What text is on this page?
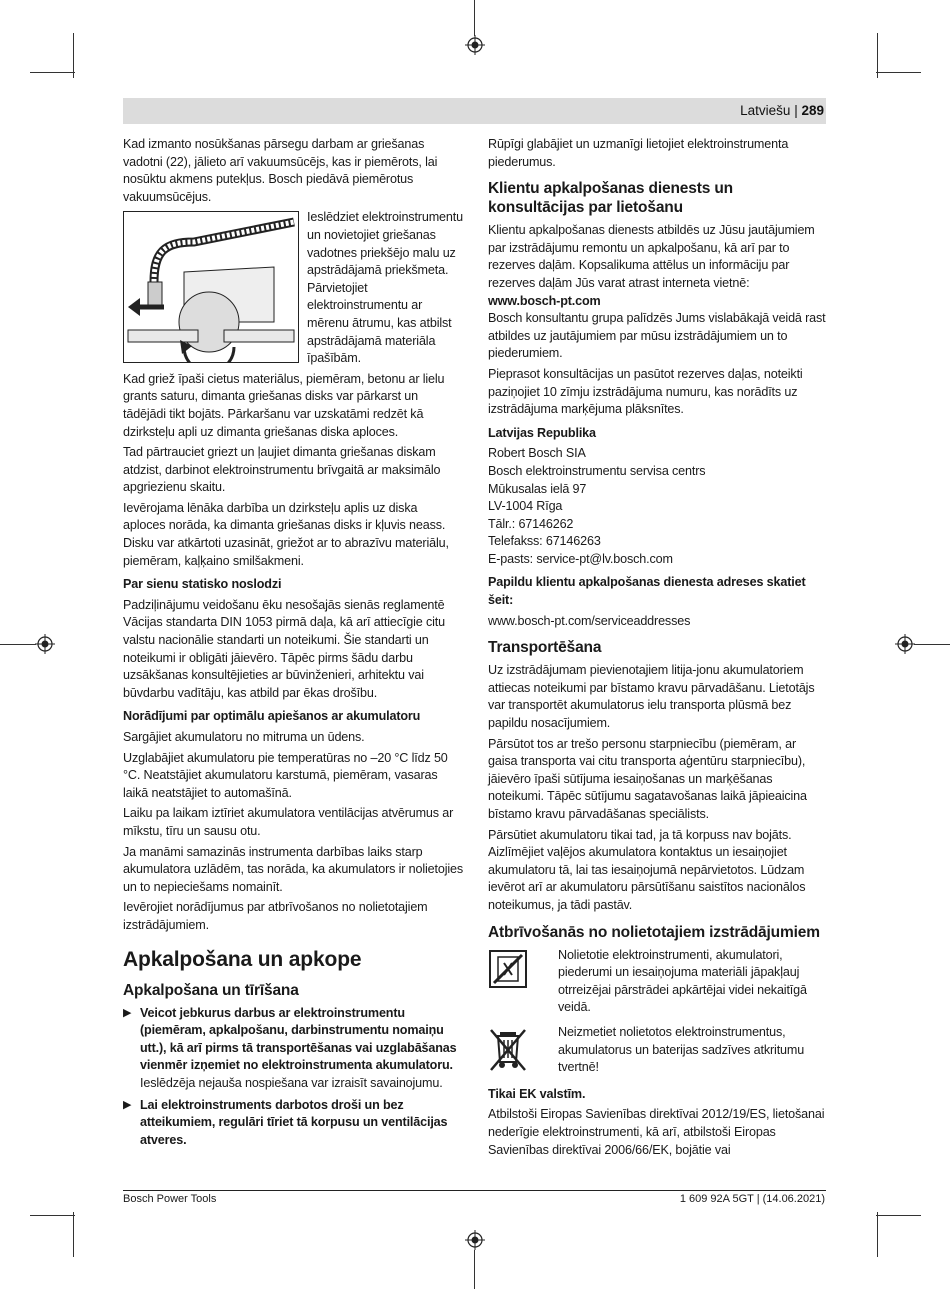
Latviešu | 289

Kad izmanto nosūkšanas pārsegu darbam ar griešanas vadotni (22), jālieto arī vakuumsūcējs, kas ir piemērots, lai nosūktu akmens putekļus. Bosch piedāvā piemērotus vakuumsūcējus.

Ieslēdziet elektroinstrumentu un novietojiet griešanas vadotnes priekšējo malu uz apstrādājamā priekšmeta. Pārvietojiet elektroinstrumentu ar mērenu ātrumu, kas atbilst apstrādājamā materiāla īpašībām.

Kad griež īpaši cietus materiālus, piemēram, betonu ar lielu grants saturu, dimanta griešanas disks var pārkarst un tādējādi tikt bojāts. Pārkaršanu var uzskatāmi redzēt kā dzirksteļu apli uz dimanta griešanas diska aploces.

Tad pārtrauciet griezt un ļaujiet dimanta griešanas diskam atdzist, darbinot elektroinstrumentu brīvgaitā ar maksimālo apgriezienu skaitu.

Ievērojama lēnāka darbība un dzirksteļu aplis uz diska aploces norāda, ka dimanta griešanas disks ir kļuvis neass. Disku var atkārtoti uzasināt, griežot ar to abrazīvu materiālu, piemēram, kaļķaino smilšakmeni.

Par sienu statisko noslodzi

Padziļinājumu veidošanu ēku nesošajās sienās reglamentē Vācijas standarta DIN 1053 pirmā daļa, kā arī attiecīgie citu valstu nacionālie standarti un noteikumi. Šie standarti un noteikumi ir obligāti jāievēro. Tāpēc pirms šādu darbu uzsākšanas konsultējieties ar būvinženieri, arhitektu vai būvdarbu vadītāju, kas atbild par ēkas drošību.

Norādījumi par optimālu apiešanos ar akumulatoru

Sargājiet akumulatoru no mitruma un ūdens.

Uzglabājiet akumulatoru pie temperatūras no –20 °C līdz 50 °C. Neatstājiet akumulatoru karstumā, piemēram, vasaras laikā neatstājiet to automašīnā.

Laiku pa laikam iztīriet akumulatora ventilācijas atvērumus ar mīkstu, tīru un sausu otu.

Ja manāmi samazinās instrumenta darbības laiks starp akumulatora uzlādēm, tas norāda, ka akumulators ir nolietojies un to nepieciešams nomainīt.

Ievērojiet norādījumus par atbrīvošanos no nolietotajiem izstrādājumiem.

Apkalpošana un apkope
Apkalpošana un tīrīšana
▶ Veicot jebkurus darbus ar elektroinstrumentu (piemēram, apkalpošanu, darbinstrumentu nomaiņu utt.), kā arī pirms tā transportēšanas vai uzglabāšanas vienmēr izņemiet no elektroinstrumenta akumulatoru.
Ieslēdzēja nejauša nospiešana var izraisīt savainojumu.
▶ Lai elektroinstruments darbotos droši un bez atteikumiem, regulāri tīriet tā korpusu un ventilācijas atveres.

Rūpīgi glabājiet un uzmanīgi lietojiet elektroinstrumenta piederumus.

Klientu apkalpošanas dienests un konsultācijas par lietošanu

Klientu apkalpošanas dienests atbildēs uz Jūsu jautājumiem par izstrādājumu remontu un apkalpošanu, kā arī par to rezerves daļām. Kopsalikuma attēlus un informāciju par rezerves daļām Jūs varat atrast interneta vietnē:
www.bosch-pt.com

Bosch konsultantu grupa palīdzēs Jums vislabākajā veidā rast atbildes uz jautājumiem par mūsu izstrādājumiem un to piederumiem.

Pieprasot konsultācijas un pasūtot rezerves daļas, noteikti paziņojiet 10 zīmju izstrādājuma numuru, kas norādīts uz izstrādājuma marķējuma plāksnītes.

Latvijas Republika
Robert Bosch SIA
Bosch elektroinstrumentu servisa centrs
Mūkusalas ielā 97
LV-1004 Rīga
Tālr.: 67146262
Telefakss: 67146263
E-pasts: service-pt@lv.bosch.com
Papildu klientu apkalpošanas dienesta adreses skatiet šeit:

www.bosch-pt.com/serviceaddresses

Transportēšana

Uz izstrādājumam pievienotajiem litija-jonu akumulatoriem attiecas noteikumi par bīstamo kravu pārvadāšanu. Lietotājs var transportēt akumulatorus ielu transporta plūsmā bez papildu nosacījumiem.

Pārsūtot tos ar trešo personu starpniecību (piemēram, ar gaisa transporta vai citu transporta aģentūru starpniecību), jāievēro īpaši sūtījuma iesaiņošanas un marķēšanas noteikumi. Tāpēc sūtījumu sagatavošanas laikā jāpieaicina bīstamo kravu pārvadāšanas speciālists.

Pārsūtiet akumulatoru tikai tad, ja tā korpuss nav bojāts. Aizlīmējiet vaļējos akumulatora kontaktus un iesaiņojiet akumulatoru tā, lai tas iesaiņojumā nepārvietotos. Lūdzam ievērot arī ar akumulatoru pārsūtīšanu saistītos nacionālos noteikumus, ja tādi pastāv.

Atbrīvošanās no nolietotajiem izstrādājumiem

Nolietotie elektroinstrumenti, akumulatori, piederumi un iesaiņojuma materiāli jāpakļauj otrreizējai pārstrādei apkārtējai videi nekaitīgā veidā.

Neizmetiet nolietotos elektroinstrumentus, akumulatorus un baterijas sadzīves atkritumu tvertnē!

Tikai EK valstīm.

Atbilstoši Eiropas Savienības direktīvai 2012/19/ES, lietošanai nederīgie elektroinstrumenti, kā arī, atbilstoši Eiropas Savienības direktīvai 2006/66/EK, bojātie vai

Bosch Power Tools	1 609 92A 5GT | (14.06.2021)
